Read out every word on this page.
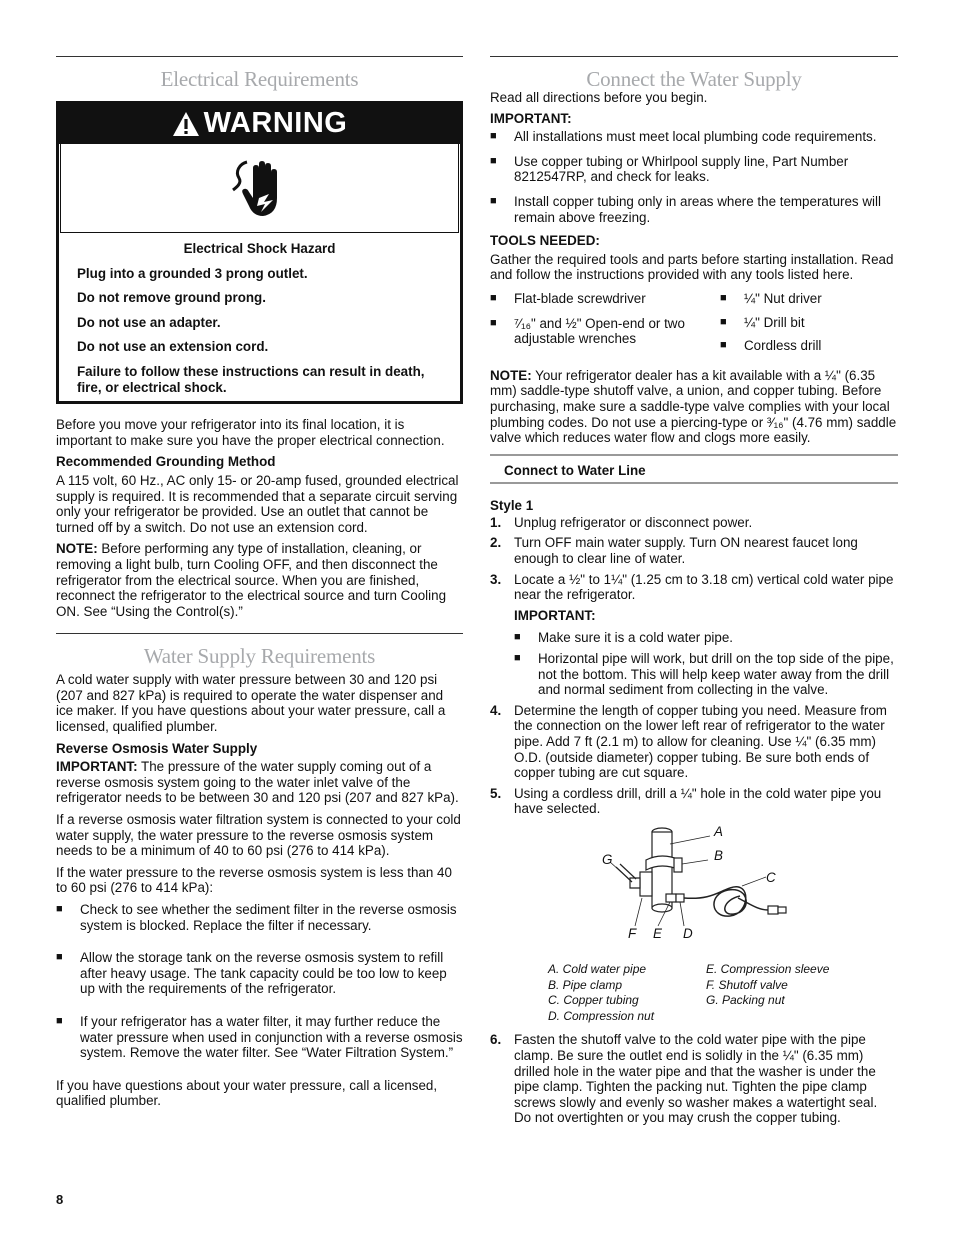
Electrical Requirements
WARNING

Electrical Shock Hazard

Plug into a grounded 3 prong outlet.

Do not remove ground prong.

Do not use an adapter.

Do not use an extension cord.

Failure to follow these instructions can result in death, fire, or electrical shock.

Before you move your refrigerator into its final location, it is important to make sure you have the proper electrical connection.

Recommended Grounding Method

A 115 volt, 60 Hz., AC only 15- or 20-amp fused, grounded electrical supply is required. It is recommended that a separate circuit serving only your refrigerator be provided. Use an outlet that cannot be turned off by a switch. Do not use an extension cord.

NOTE: Before performing any type of installation, cleaning, or removing a light bulb, turn Cooling OFF, and then disconnect the refrigerator from the electrical source. When you are finished, reconnect the refrigerator to the electrical source and turn Cooling ON. See “Using the Control(s).”

Water Supply Requirements

A cold water supply with water pressure between 30 and 120 psi (207 and 827 kPa) is required to operate the water dispenser and ice maker. If you have questions about your water pressure, call a licensed, qualified plumber.

Reverse Osmosis Water Supply

IMPORTANT: The pressure of the water supply coming out of a reverse osmosis system going to the water inlet valve of the refrigerator needs to be between 30 and 120 psi (207 and 827 kPa).

If a reverse osmosis water filtration system is connected to your cold water supply, the water pressure to the reverse osmosis system needs to be a minimum of 40 to 60 psi (276 to 414 kPa).

If the water pressure to the reverse osmosis system is less than 40 to 60 psi (276 to 414 kPa):

■ Check to see whether the sediment filter in the reverse osmosis system is blocked. Replace the filter if necessary.
■ Allow the storage tank on the reverse osmosis system to refill after heavy usage. The tank capacity could be too low to keep up with the requirements of the refrigerator.
■ If your refrigerator has a water filter, it may further reduce the water pressure when used in conjunction with a reverse osmosis system. Remove the water filter. See “Water Filtration System.”

If you have questions about your water pressure, call a licensed, qualified plumber.

Connect the Water Supply

Read all directions before you begin.

IMPORTANT:
■ All installations must meet local plumbing code requirements.
■ Use copper tubing or Whirlpool supply line, Part Number 8212547RP, and check for leaks.
■ Install copper tubing only in areas where the temperatures will remain above freezing.
TOOLS NEEDED:

Gather the required tools and parts before starting installation. Read and follow the instructions provided with any tools listed here.

■ Flat-blade screwdriver
■ ⁷⁄₁₆" and ½" Open-end or two adjustable wrenches
■ ¼" Nut driver
■ ¼" Drill bit
■ Cordless drill

NOTE: Your refrigerator dealer has a kit available with a ¼" (6.35 mm) saddle-type shutoff valve, a union, and copper tubing. Before purchasing, make sure a saddle-type valve complies with your local plumbing codes. Do not use a piercing-type or ³⁄₁₆" (4.76 mm) saddle valve which reduces water flow and clogs more easily.

Connect to Water Line
Style 1
1. Unplug refrigerator or disconnect power.
2. Turn OFF main water supply. Turn ON nearest faucet long enough to clear line of water.
3. Locate a ½" to 1¼" (1.25 cm to 3.18 cm) vertical cold water pipe near the refrigerator.
IMPORTANT:
■ Make sure it is a cold water pipe.
■ Horizontal pipe will work, but drill on the top side of the pipe, not the bottom. This will help keep water away from the drill and normal sediment from collecting in the valve.
4. Determine the length of copper tubing you need. Measure from the connection on the lower left rear of refrigerator to the water pipe. Add 7 ft (2.1 m) to allow for cleaning. Use ¼" (6.35 mm) O.D. (outside diameter) copper tubing. Be sure both ends of copper tubing are cut square.
5. Using a cordless drill, drill a ¼" hole in the cold water pipe you have selected.
A
B
C
D
E
F
G
A. Cold water pipe	E. Compression sleeve
B. Pipe clamp	F. Shutoff valve
C. Copper tubing	G. Packing nut
D. Compression nut
6. Fasten the shutoff valve to the cold water pipe with the pipe clamp. Be sure the outlet end is solidly in the ¼" (6.35 mm) drilled hole in the water pipe and that the washer is under the pipe clamp. Tighten the packing nut. Tighten the pipe clamp screws slowly and evenly so washer makes a watertight seal. Do not overtighten or you may crush the copper tubing.
8
